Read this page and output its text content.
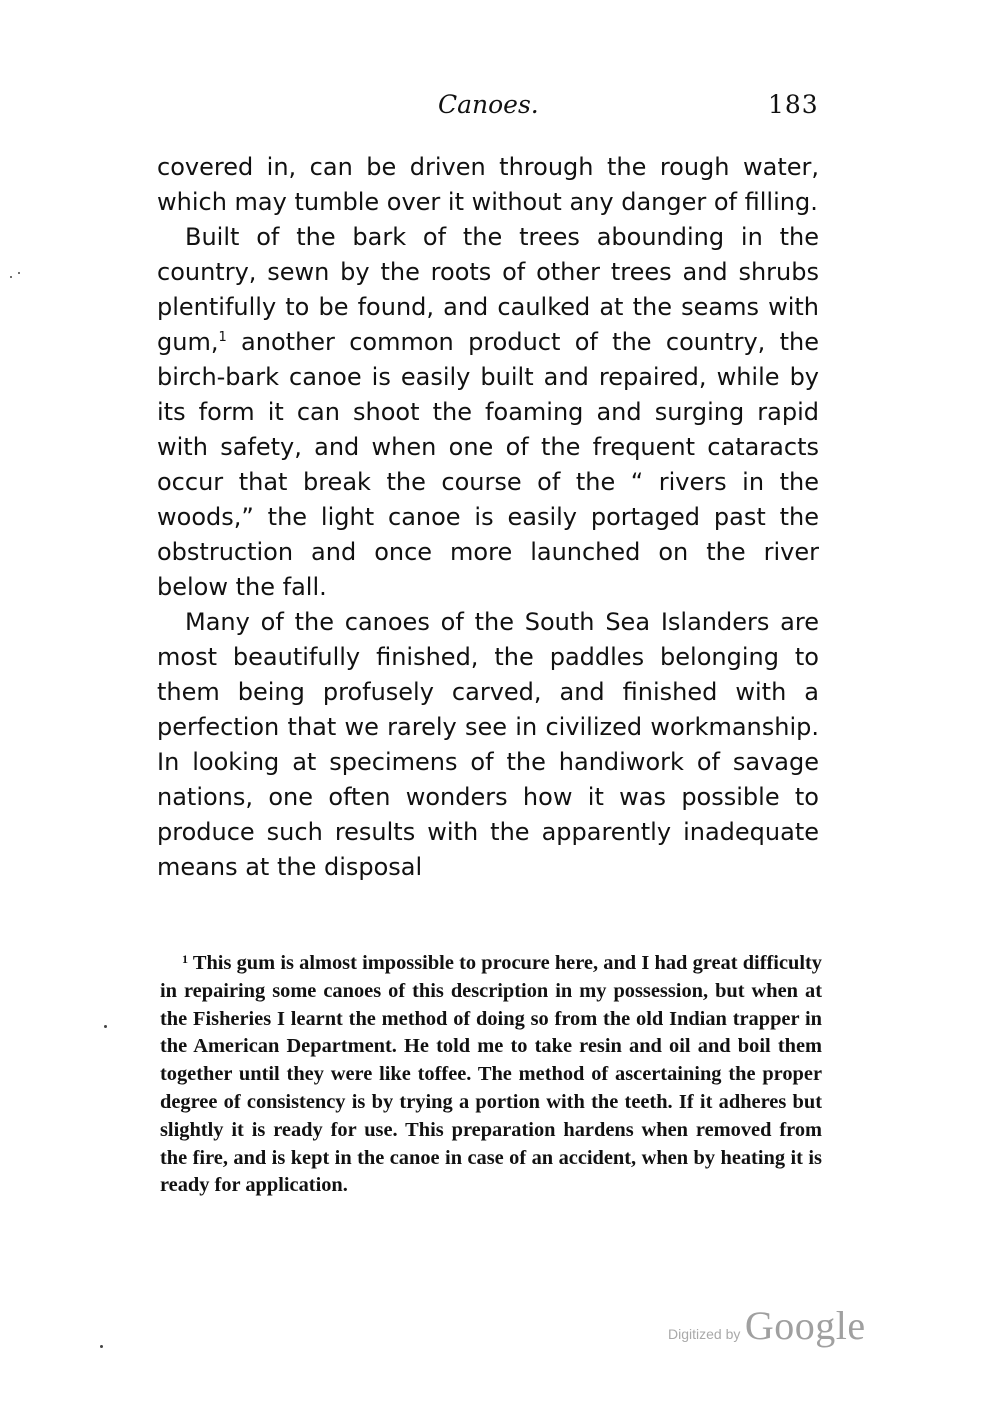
Canoes.	183

covered in, can be driven through the rough water, which may tumble over it without any danger of filling.

Built of the bark of the trees abounding in the country, sewn by the roots of other trees and shrubs plentifully to be found, and caulked at the seams with gum,$^1$ another common product of the country, the birch-bark canoe is easily built and repaired, while by its form it can shoot the foaming and surging rapid with safety, and when one of the frequent cataracts occur that break the course of the “ rivers in the woods,” the light canoe is easily portaged past the obstruction and once more launched on the river below the fall.

Many of the canoes of the South Sea Islanders are most beautifully finished, the paddles belonging to them being profusely carved, and finished with a perfection that we rarely see in civilized workmanship. In looking at specimens of the handiwork of savage nations, one often wonders how it was possible to produce such results with the apparently inadequate means at the disposal

$^1$ This gum is almost impossible to procure here, and I had great difficulty in repairing some canoes of this description in my possession, but when at the Fisheries I learnt the method of doing so from the old Indian trapper in the American Department. He told me to take resin and oil and boil them together until they were like toffee. The method of ascertaining the proper degree of consistency is by trying a portion with the teeth. If it adheres but slightly it is ready for use. This preparation hardens when removed from the fire, and is kept in the canoe in case of an accident, when by heating it is ready for application.
Digitized by Google
